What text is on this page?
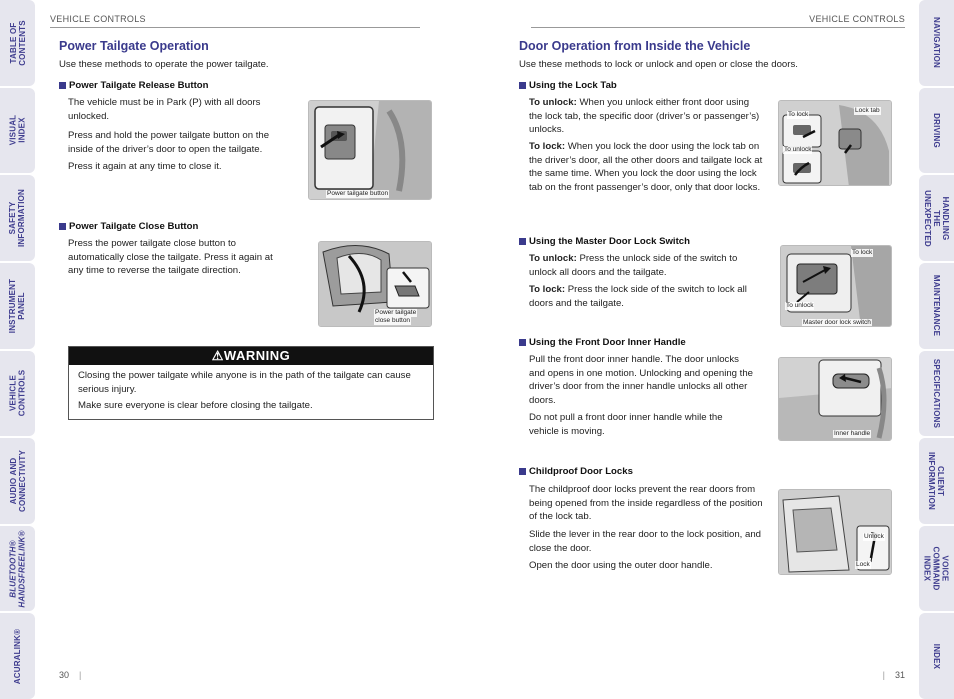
TABLE OF
CONTENTS
VISUAL INDEX
SAFETY
INFORMATION
INSTRUMENT
PANEL
VEHICLE
CONTROLS
AUDIO AND
CONNECTIVITY
BLUETOOTH®
HANDSFREELINK®
ACURALINK®
NAVIGATION
DRIVING
HANDLING THE
UNEXPECTED
MAINTENANCE
SPECIFICATIONS
CLIENT
INFORMATION
VOICE COMMAND
INDEX
INDEX
VEHICLE CONTROLS
Power Tailgate Operation
Use these methods to operate the power tailgate.
Power Tailgate Release Button
The vehicle must be in Park (P) with all doors unlocked.
Press and hold the power tailgate button on the inside of the driver’s door to open the tailgate.
Press it again at any time to close it.
Power tailgate button
Power Tailgate Close Button
Press the power tailgate close button to automatically close the tailgate. Press it again at any time to reverse the tailgate direction.
Power tailgate
close button
⚠WARNING

Closing the power tailgate while anyone is in the path of the tailgate can cause serious injury.

Make sure everyone is clear before closing the tailgate.

30 |
VEHICLE CONTROLS
Door Operation from Inside the Vehicle
Use these methods to lock or unlock and open or close the doors.
Using the Lock Tab
To unlock: When you unlock either front door using the lock tab, the specific door (driver’s or passenger’s) unlocks.
To lock: When you lock the door using the lock tab on the driver’s door, all the other doors and tailgate lock at the same time. When you lock the door using the lock tab on the front passenger’s door, only that door locks.
To lock
Lock tab
To unlock
Using the Master Door Lock Switch
To unlock: Press the unlock side of the switch to unlock all doors and the tailgate.
To lock: Press the lock side of the switch to lock all doors and the tailgate.
To lock
To unlock
Master door lock switch
Using the Front Door Inner Handle
Pull the front door inner handle. The door unlocks and opens in one motion. Unlocking and opening the driver’s door from the inner handle unlocks all other doors.
Do not pull a front door inner handle while the vehicle is moving.	Inner handle
Childproof Door Locks
The childproof door locks prevent the rear doors from being opened from the inside regardless of the position of the lock tab.
Slide the lever in the rear door to the lock position, and close the door.
Open the door using the outer door handle.
Unlock
Lock
| 31
